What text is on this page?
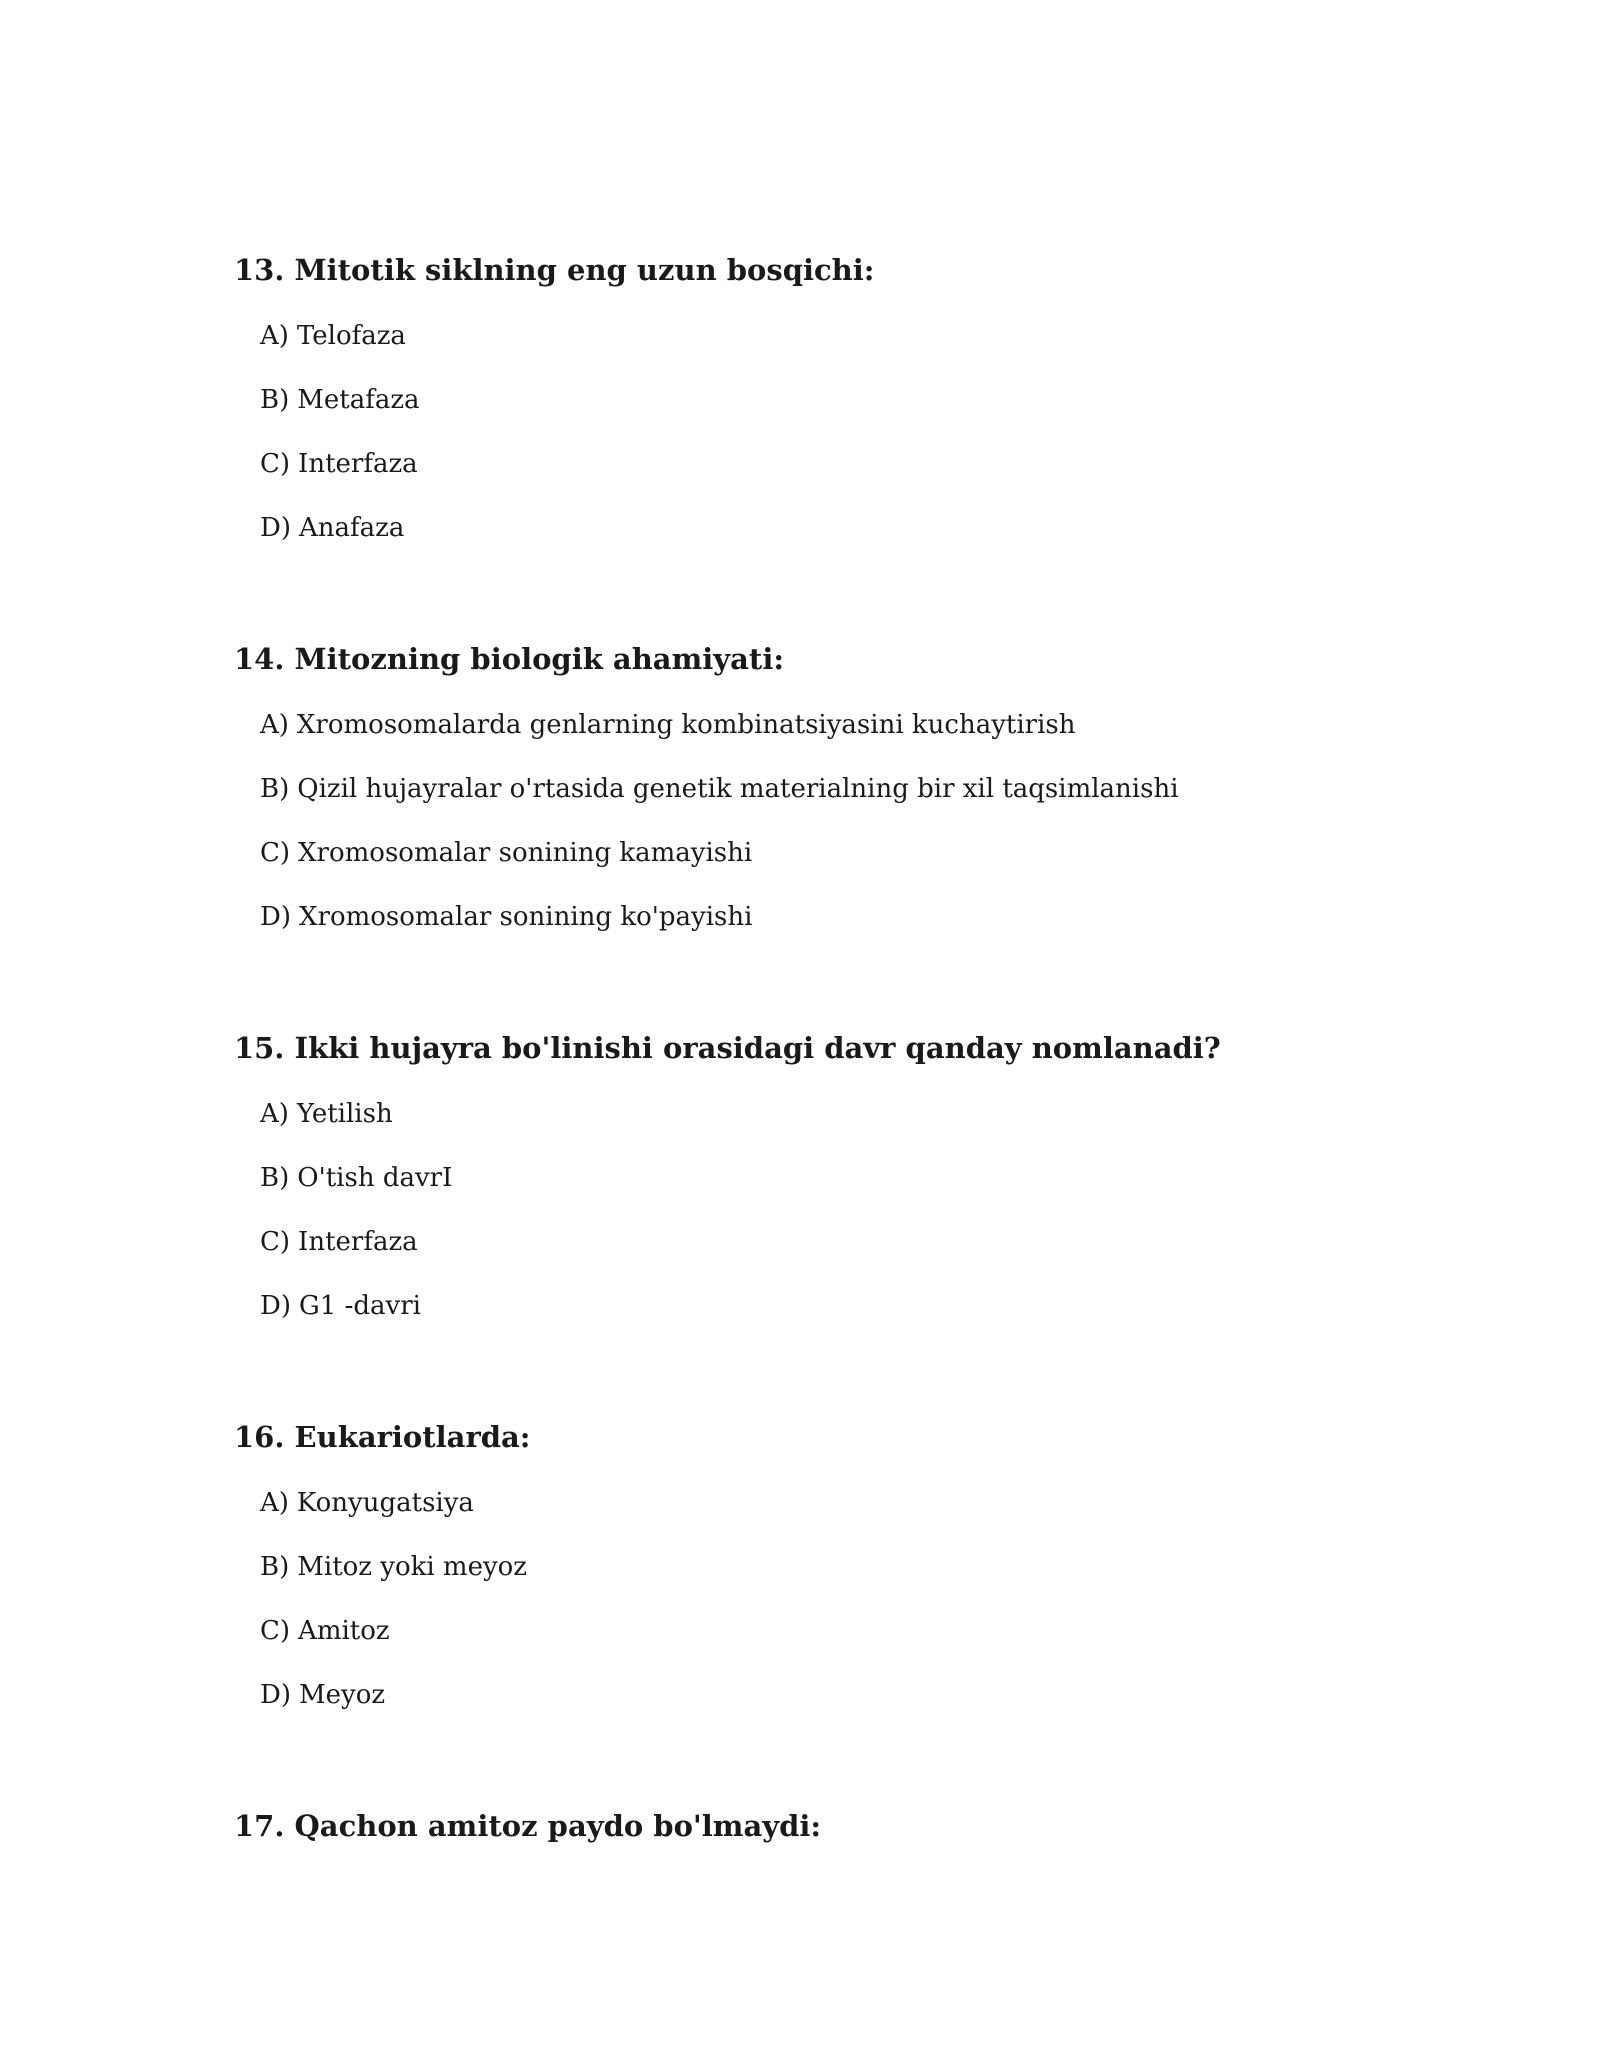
13. Mitotik siklning eng uzun bosqichi:
A) Telofaza
B) Metafaza
C) Interfaza
D) Anafaza
14. Mitozning biologik ahamiyati:
A) Xromosomalarda genlarning kombinatsiyasini kuchaytirish
B) Qizil hujayralar o'rtasida genetik materialning bir xil taqsimlanishi
C) Xromosomalar sonining kamayishi
D) Xromosomalar sonining ko'payishi
15. Ikki hujayra bo'linishi orasidagi davr qanday nomlanadi?
A) Yetilish
B) O'tish davrI
C) Interfaza
D) G1 -davri
16. Eukariotlarda:
A) Konyugatsiya
B) Mitoz yoki meyoz
C) Amitoz
D) Meyoz
17. Qachon amitoz paydo bo'lmaydi:
